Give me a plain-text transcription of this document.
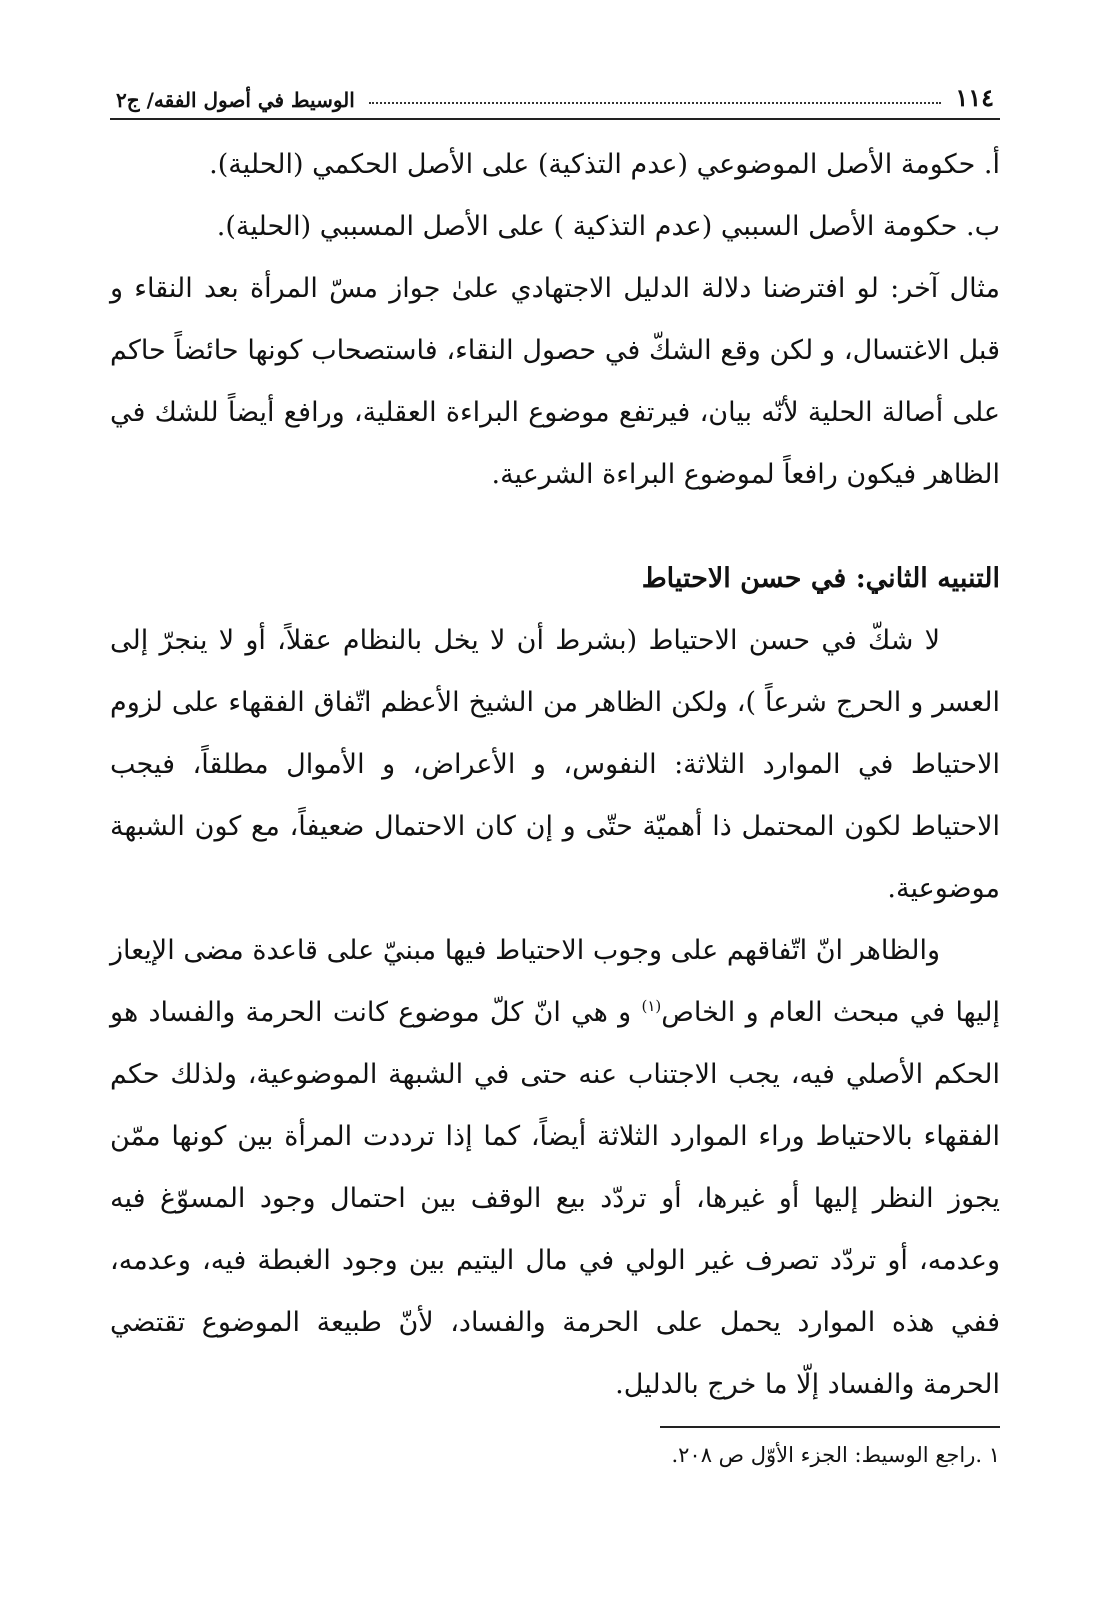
١١٤
الوسيط في أصول الفقه/ ج٢

أ. حكومة الأصل الموضوعي (عدم التذكية) على الأصل الحكمي (الحلية).

ب. حكومة الأصل السببي (عدم التذكية ) على الأصل المسببي (الحلية).

مثال آخر: لو افترضنا دلالة الدليل الاجتهادي علىٰ جواز مسّ المرأة بعد النقاء و قبل الاغتسال، و لكن وقع الشكّ في حصول النقاء، فاستصحاب كونها حائضاً حاكم على أصالة الحلية لأنّه بيان، فيرتفع موضوع البراءة العقلية، ورافع أيضاً للشك في الظاهر فيكون رافعاً لموضوع البراءة الشرعية.

التنبيه الثاني: في حسن الاحتياط

لا شكّ في حسن الاحتياط (بشرط أن لا يخل بالنظام عقلاً، أو لا ينجرّ إلى العسر و الحرج شرعاً )، ولكن الظاهر من الشيخ الأعظم اتّفاق الفقهاء على لزوم الاحتياط في الموارد الثلاثة: النفوس، و الأعراض، و الأموال مطلقاً، فيجب الاحتياط لكون المحتمل ذا أهميّة حتّى و إن كان الاحتمال ضعيفاً، مع كون الشبهة موضوعية.

والظاهر انّ اتّفاقهم على وجوب الاحتياط فيها مبنيّ على قاعدة مضى الإيعاز إليها في مبحث العام و الخاص$^{(١)}$ و هي انّ كلّ موضوع كانت الحرمة والفساد هو الحكم الأصلي فيه، يجب الاجتناب عنه حتى في الشبهة الموضوعية، ولذلك حكم الفقهاء بالاحتياط وراء الموارد الثلاثة أيضاً، كما إذا ترددت المرأة بين كونها ممّن يجوز النظر إليها أو غيرها، أو تردّد بيع الوقف بين احتمال وجود المسوّغ فيه وعدمه، أو تردّد تصرف غير الولي في مال اليتيم بين وجود الغبطة فيه، وعدمه، ففي هذه الموارد يحمل على الحرمة والفساد، لأنّ طبيعة الموضوع تقتضي الحرمة والفساد إلّا ما خرج بالدليل.

١ .راجع الوسيط: الجزء الأوّل ص ٢٠٨.
